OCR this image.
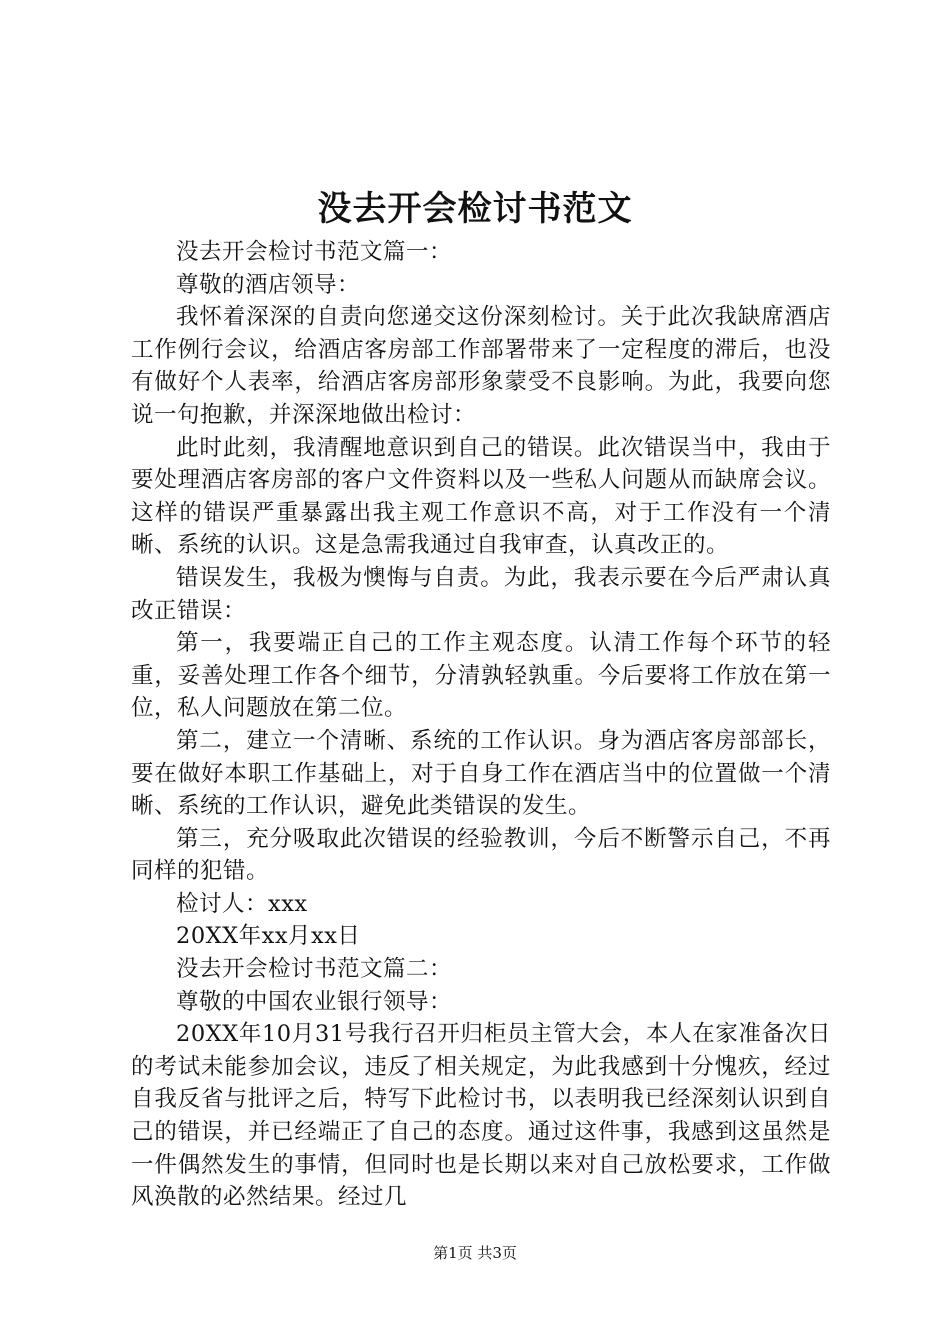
没去开会检讨书范文

没去开会检讨书范文篇一：

尊敬的酒店领导：

我怀着深深的自责向您递交这份深刻检讨。关于此次我缺席酒店工作例行会议，给酒店客房部工作部署带来了一定程度的滞后，也没有做好个人表率，给酒店客房部形象蒙受不良影响。为此，我要向您说一句抱歉，并深深地做出检讨：

此时此刻，我清醒地意识到自己的错误。此次错误当中，我由于要处理酒店客房部的客户文件资料以及一些私人问题从而缺席会议。这样的错误严重暴露出我主观工作意识不高，对于工作没有一个清晰、系统的认识。这是急需我通过自我审查，认真改正的。

错误发生，我极为懊悔与自责。为此，我表示要在今后严肃认真改正错误：

第一，我要端正自己的工作主观态度。认清工作每个环节的轻重，妥善处理工作各个细节，分清孰轻孰重。今后要将工作放在第一位，私人问题放在第二位。

第二，建立一个清晰、系统的工作认识。身为酒店客房部部长，要在做好本职工作基础上，对于自身工作在酒店当中的位置做一个清晰、系统的工作认识，避免此类错误的发生。

第三，充分吸取此次错误的经验教训，今后不断警示自己，不再同样的犯错。

检讨人：xxx

20XX年xx月xx日

没去开会检讨书范文篇二：

尊敬的中国农业银行领导：

20XX年10月31号我行召开归柜员主管大会，本人在家准备次日的考试未能参加会议，违反了相关规定，为此我感到十分愧疚，经过自我反省与批评之后，特写下此检讨书，以表明我已经深刻认识到自己的错误，并已经端正了自己的态度。通过这件事，我感到这虽然是一件偶然发生的事情，但同时也是长期以来对自己放松要求，工作做风涣散的必然结果。经过几

第1页 共3页
